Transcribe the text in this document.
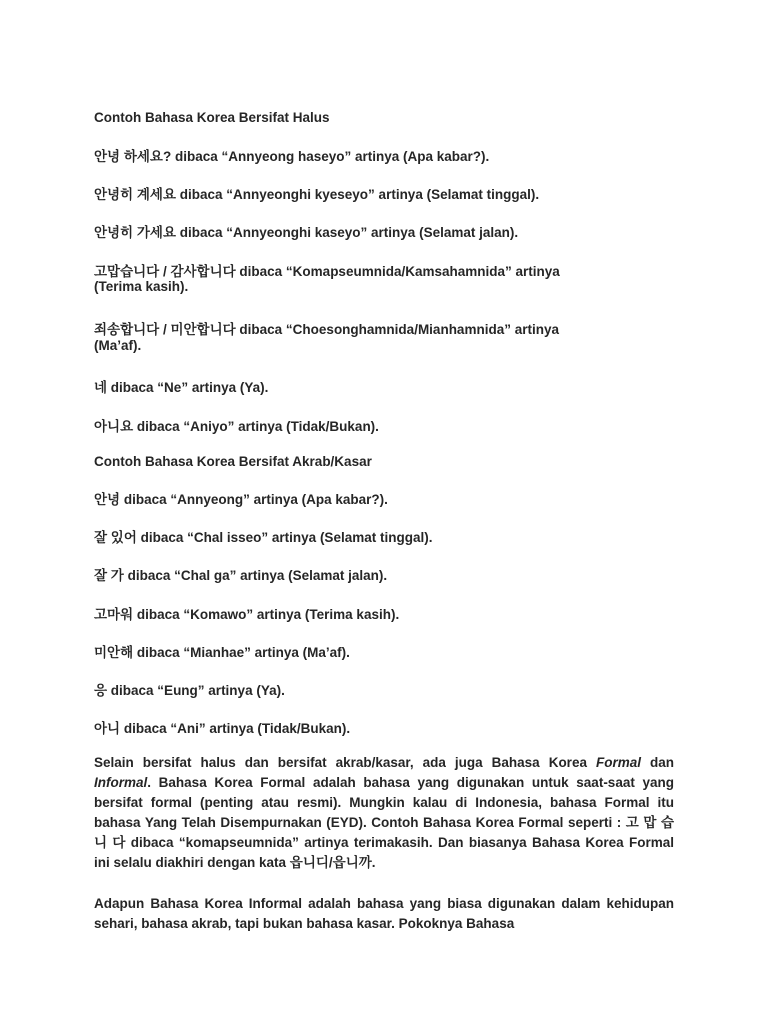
Contoh Bahasa Korea Bersifat Halus
안녕 하세요? dibaca “Annyeong haseyo” artinya (Apa kabar?).
안녕히 계세요 dibaca “Annyeonghi kyeseyo” artinya (Selamat tinggal).
안녕히 가세요 dibaca “Annyeonghi kaseyo” artinya (Selamat jalan).
고맙습니다 / 감사합니다 dibaca “Komapseumnida/Kamsahamnida” artinya
(Terima kasih).
죄송합니다 / 미안합니다 dibaca “Choesonghamnida/Mianhamnida” artinya
(Ma’af).
네 dibaca “Ne” artinya (Ya).
아니요 dibaca “Aniyo” artinya (Tidak/Bukan).
Contoh Bahasa Korea Bersifat Akrab/Kasar
안녕 dibaca “Annyeong” artinya (Apa kabar?).
잘 있어 dibaca “Chal isseo” artinya (Selamat tinggal).
잘 가 dibaca “Chal ga” artinya (Selamat jalan).
고마워 dibaca “Komawo” artinya (Terima kasih).
미안해 dibaca “Mianhae” artinya (Ma’af).
응 dibaca “Eung” artinya (Ya).
아니 dibaca “Ani” artinya (Tidak/Bukan).
Selain bersifat halus dan bersifat akrab/kasar, ada juga Bahasa Korea Formal dan Informal. Bahasa Korea Formal adalah bahasa yang digunakan untuk saat-saat yang bersifat formal (penting atau resmi). Mungkin kalau di Indonesia, bahasa Formal itu bahasa Yang Telah Disempurnakan (EYD). Contoh Bahasa Korea Formal seperti : 고 맙 습 니 다 dibaca “komapseumnida” artinya terimakasih. Dan biasanya Bahasa Korea Formal ini selalu diakhiri dengan kata 읍니디/읍니까.
Adapun Bahasa Korea Informal adalah bahasa yang biasa digunakan dalam kehidupan sehari, bahasa akrab, tapi bukan bahasa kasar. Pokoknya Bahasa
